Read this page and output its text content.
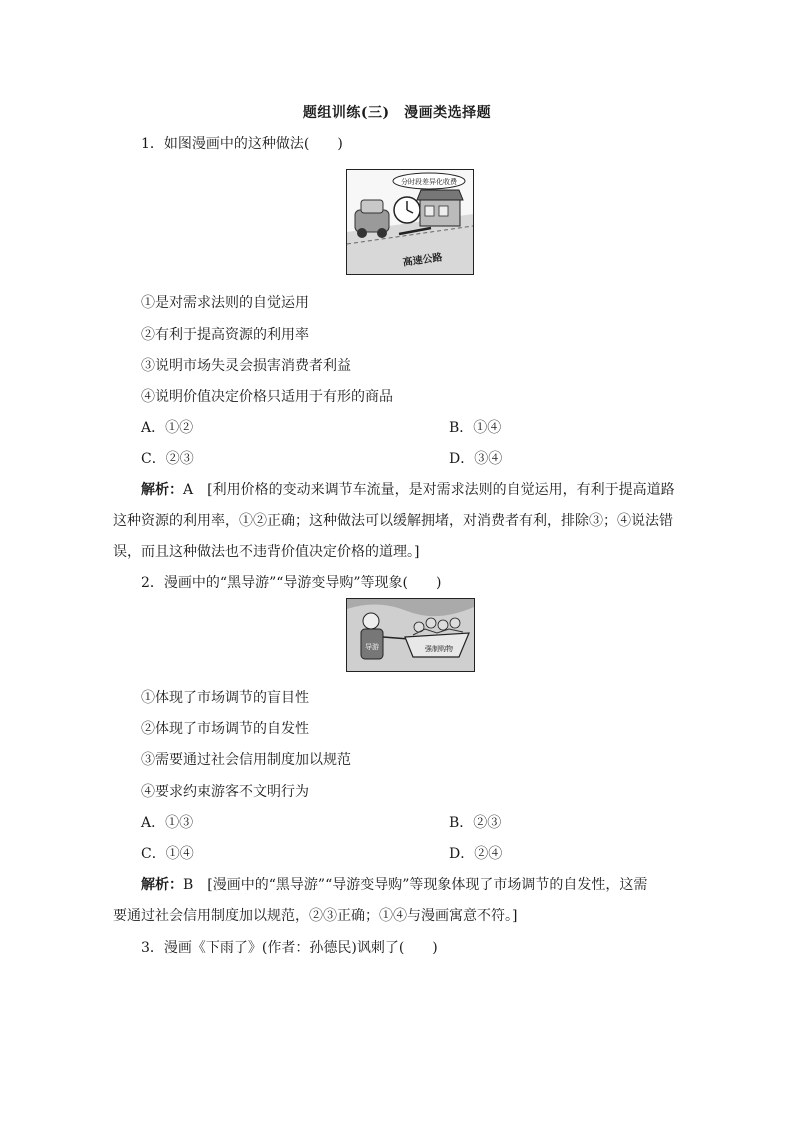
题组训练(三)　漫画类选择题
1．如图漫画中的这种做法(　　)
分时段差异化收费
高速公路
①是对需求法则的自觉运用
②有利于提高资源的利用率
③说明市场失灵会损害消费者利益
④说明价值决定价格只适用于有形的商品
A．①②	B．①④
C．②③	D．③④
解析：A　 [利用价格的变动来调节车流量，是对需求法则的自觉运用，有利于提高道路
这种资源的利用率，①②正确；这种做法可以缓解拥堵，对消费者有利，排除③；④说法错
误，而且这种做法也不违背价值决定价格的道理。]
2．漫画中的“黑导游”“导游变导购”等现象(　　)
导游	强制购物
①体现了市场调节的盲目性
②体现了市场调节的自发性
③需要通过社会信用制度加以规范
④要求约束游客不文明行为
A．①③	B．②③
C．①④	D．②④
解析：B　 [漫画中的“黑导游”“导游变导购”等现象体现了市场调节的自发性，这需
要通过社会信用制度加以规范，②③正确；①④与漫画寓意不符。]
3．漫画《下雨了》(作者：孙德民)讽刺了(　　)
